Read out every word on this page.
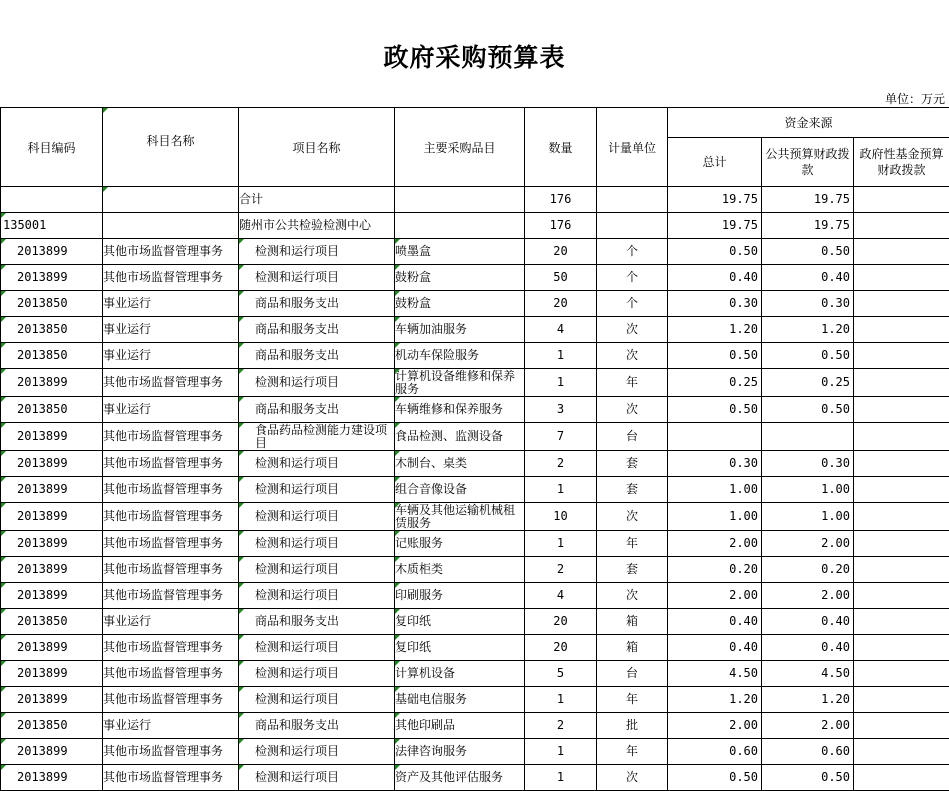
政府采购预算表
单位：万元
科目编码	科目名称	项目名称	主要采购品目	数量	计量单位	资金来源		
						总计	公共预算财政拨款	政府性基金预算财政拨款
		合计		176		19.75	19.75	
135001		随州市公共检验检测中心		176		19.75	19.75	
2013899	其他市场监督管理事务	检测和运行项目	喷墨盒	20	个	0.50	0.50	
2013899	其他市场监督管理事务	检测和运行项目	鼓粉盒	50	个	0.40	0.40	
2013850	事业运行	商品和服务支出	鼓粉盒	20	个	0.30	0.30	
2013850	事业运行	商品和服务支出	车辆加油服务	4	次	1.20	1.20	
2013850	事业运行	商品和服务支出	机动车保险服务	1	次	0.50	0.50	
2013899	其他市场监督管理事务	检测和运行项目	计算机设备维修和保养服务	1	年	0.25	0.25	
2013850	事业运行	商品和服务支出	车辆维修和保养服务	3	次	0.50	0.50	
2013899	其他市场监督管理事务	食品药品检测能力建设项目	食品检测、监测设备	7	台			
2013899	其他市场监督管理事务	检测和运行项目	木制台、桌类	2	套	0.30	0.30	
2013899	其他市场监督管理事务	检测和运行项目	组合音像设备	1	套	1.00	1.00	
2013899	其他市场监督管理事务	检测和运行项目	车辆及其他运输机械租赁服务	10	次	1.00	1.00	
2013899	其他市场监督管理事务	检测和运行项目	记账服务	1	年	2.00	2.00	
2013899	其他市场监督管理事务	检测和运行项目	木质柜类	2	套	0.20	0.20	
2013899	其他市场监督管理事务	检测和运行项目	印刷服务	4	次	2.00	2.00	
2013850	事业运行	商品和服务支出	复印纸	20	箱	0.40	0.40	
2013899	其他市场监督管理事务	检测和运行项目	复印纸	20	箱	0.40	0.40	
2013899	其他市场监督管理事务	检测和运行项目	计算机设备	5	台	4.50	4.50	
2013899	其他市场监督管理事务	检测和运行项目	基础电信服务	1	年	1.20	1.20	
2013850	事业运行	商品和服务支出	其他印刷品	2	批	2.00	2.00	
2013899	其他市场监督管理事务	检测和运行项目	法律咨询服务	1	年	0.60	0.60	
2013899	其他市场监督管理事务	检测和运行项目	资产及其他评估服务	1	次	0.50	0.50	
